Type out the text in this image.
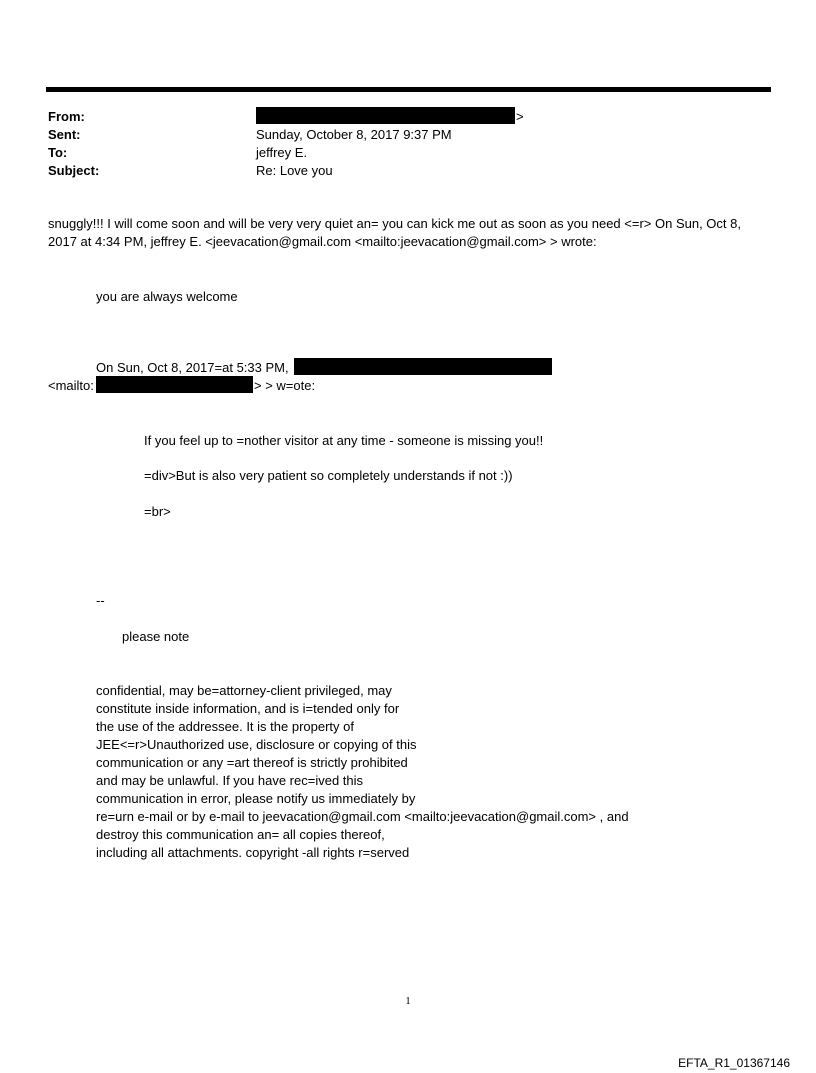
From:	>
Sent:	Sunday, October 8, 2017 9:37 PM
To:	jeffrey E.
Subject:	Re: Love you
snuggly!!! I will come soon and will be very very quiet an= you can kick me out as soon as you need <=r> On Sun, Oct 8, 2017 at 4:34 PM, jeffrey E. <jeevacation@gmail.com <mailto:jeevacation@gmail.com> > wrote:
you are always welcome
On Sun, Oct 8, 2017=at 5:33 PM,
<mailto:	> > w=ote:
If you feel up to =nother visitor at any time - someone is missing you!!
=div>But is also very patient so completely understands if not :))
=br>
--
please note
confidential, may be=attorney-client privileged, may
constitute inside information, and is i=tended only for
the use of the addressee. It is the property of
JEE<=r>Unauthorized use, disclosure or copying of this
communication or any =art thereof is strictly prohibited
and may be unlawful. If you have rec=ived this
communication in error, please notify us immediately by
re=urn e-mail or by e-mail to jeevacation@gmail.com <mailto:jeevacation@gmail.com> , and
destroy this communication an= all copies thereof,
including all attachments. copyright -all rights r=served
1
EFTA_R1_01367146
